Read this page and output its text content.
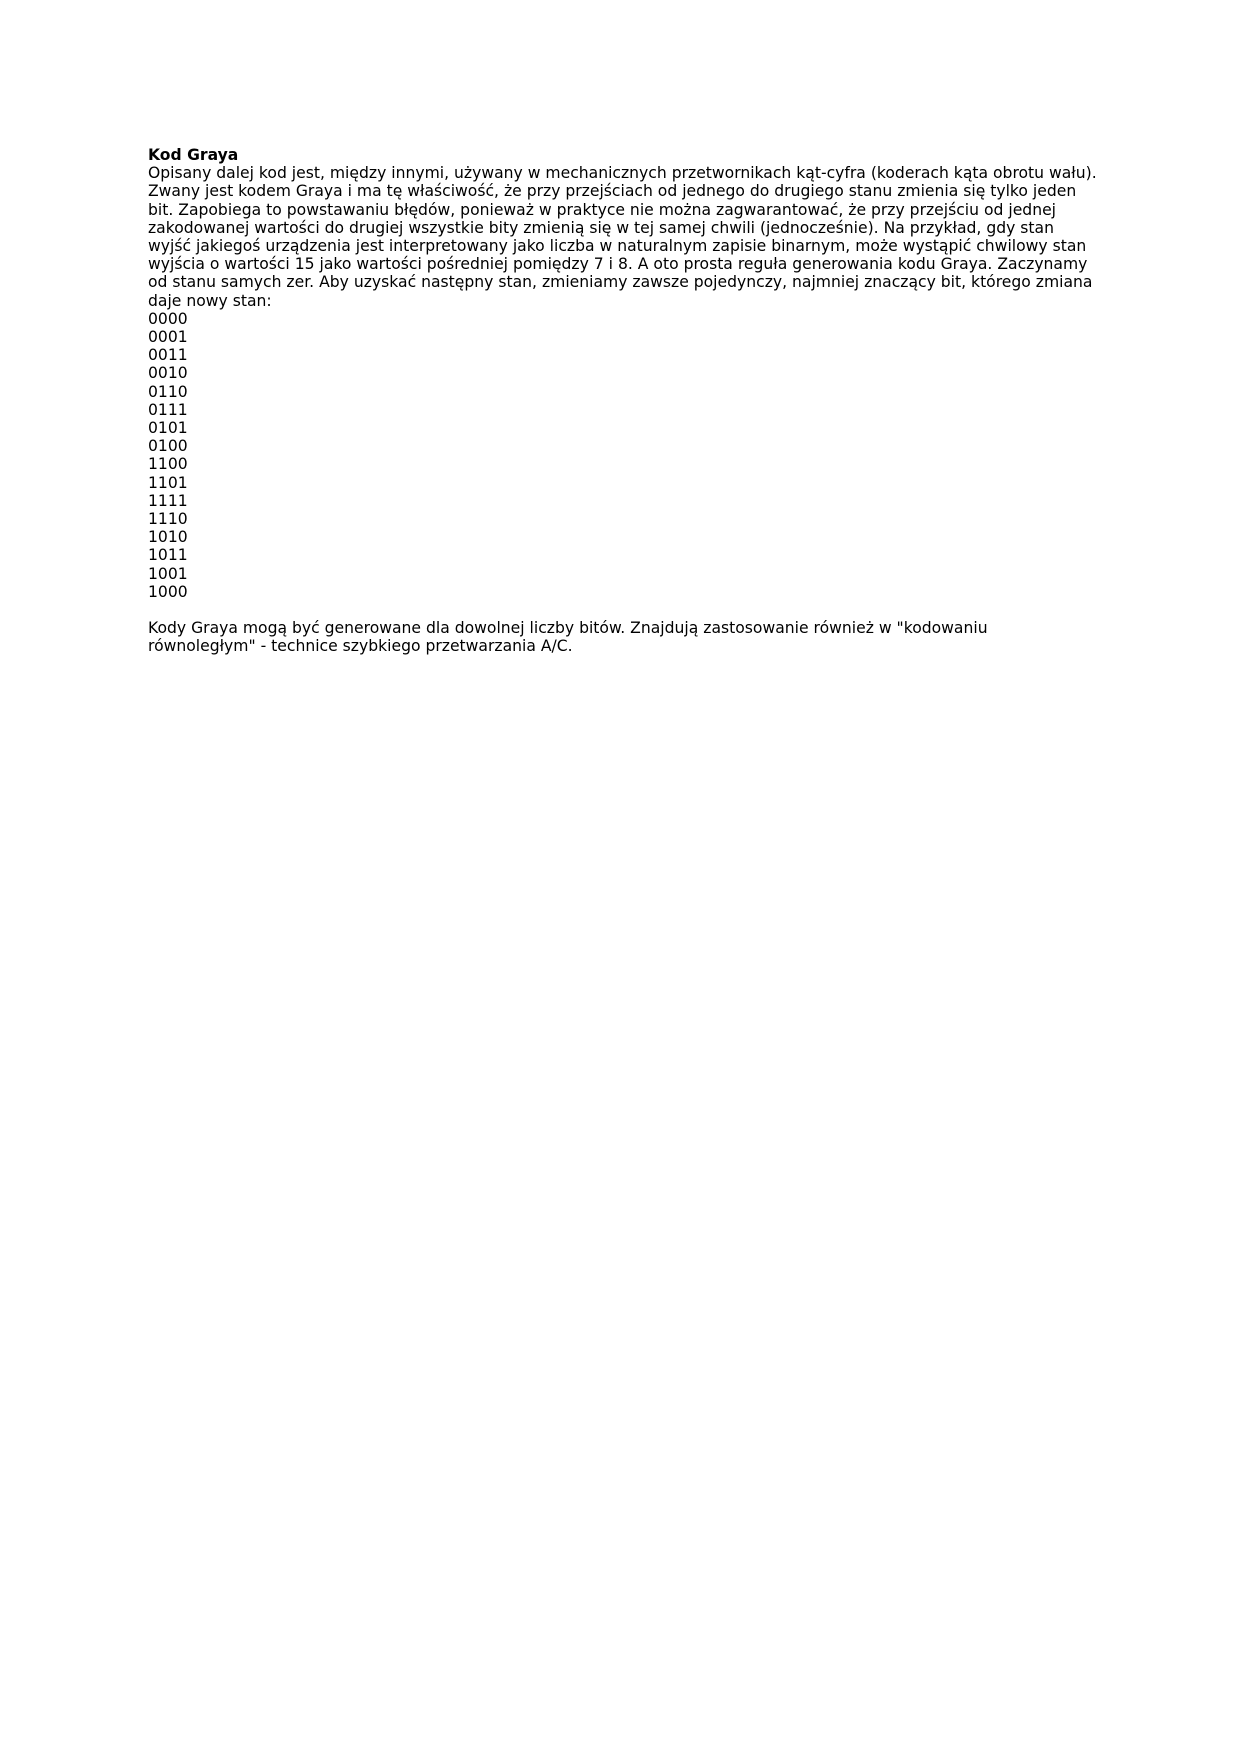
Kod Graya

Opisany dalej kod jest, między innymi, używany w mechanicznych przetwornikach kąt-cyfra (koderach kąta obrotu wału). Zwany jest kodem Graya i ma tę właściwość, że przy przejściach od jednego do drugiego stanu zmienia się tylko jeden bit. Zapobiega to powstawaniu błędów, ponieważ w praktyce nie można zagwarantować, że przy przejściu od jednej zakodowanej wartości do drugiej wszystkie bity zmienią się w tej samej chwili (jednocześnie). Na przykład, gdy stan wyjść jakiegoś urządzenia jest interpretowany jako liczba w naturalnym zapisie binarnym, może wystąpić chwilowy stan wyjścia o wartości 15 jako wartości pośredniej pomiędzy 7 i 8. A oto prosta reguła generowania kodu Graya. Zaczynamy od stanu samych zer. Aby uzyskać następny stan, zmieniamy zawsze pojedynczy, najmniej znaczący bit, którego zmiana daje nowy stan:

0000
0001
0011
0010
0110
0111
0101
0100
1100
1101
1111
1110
1010
1011
1001
1000

Kody Graya mogą być generowane dla dowolnej liczby bitów. Znajdują zastosowanie również w "kodowaniu równoległym" - technice szybkiego przetwarzania A/C.
